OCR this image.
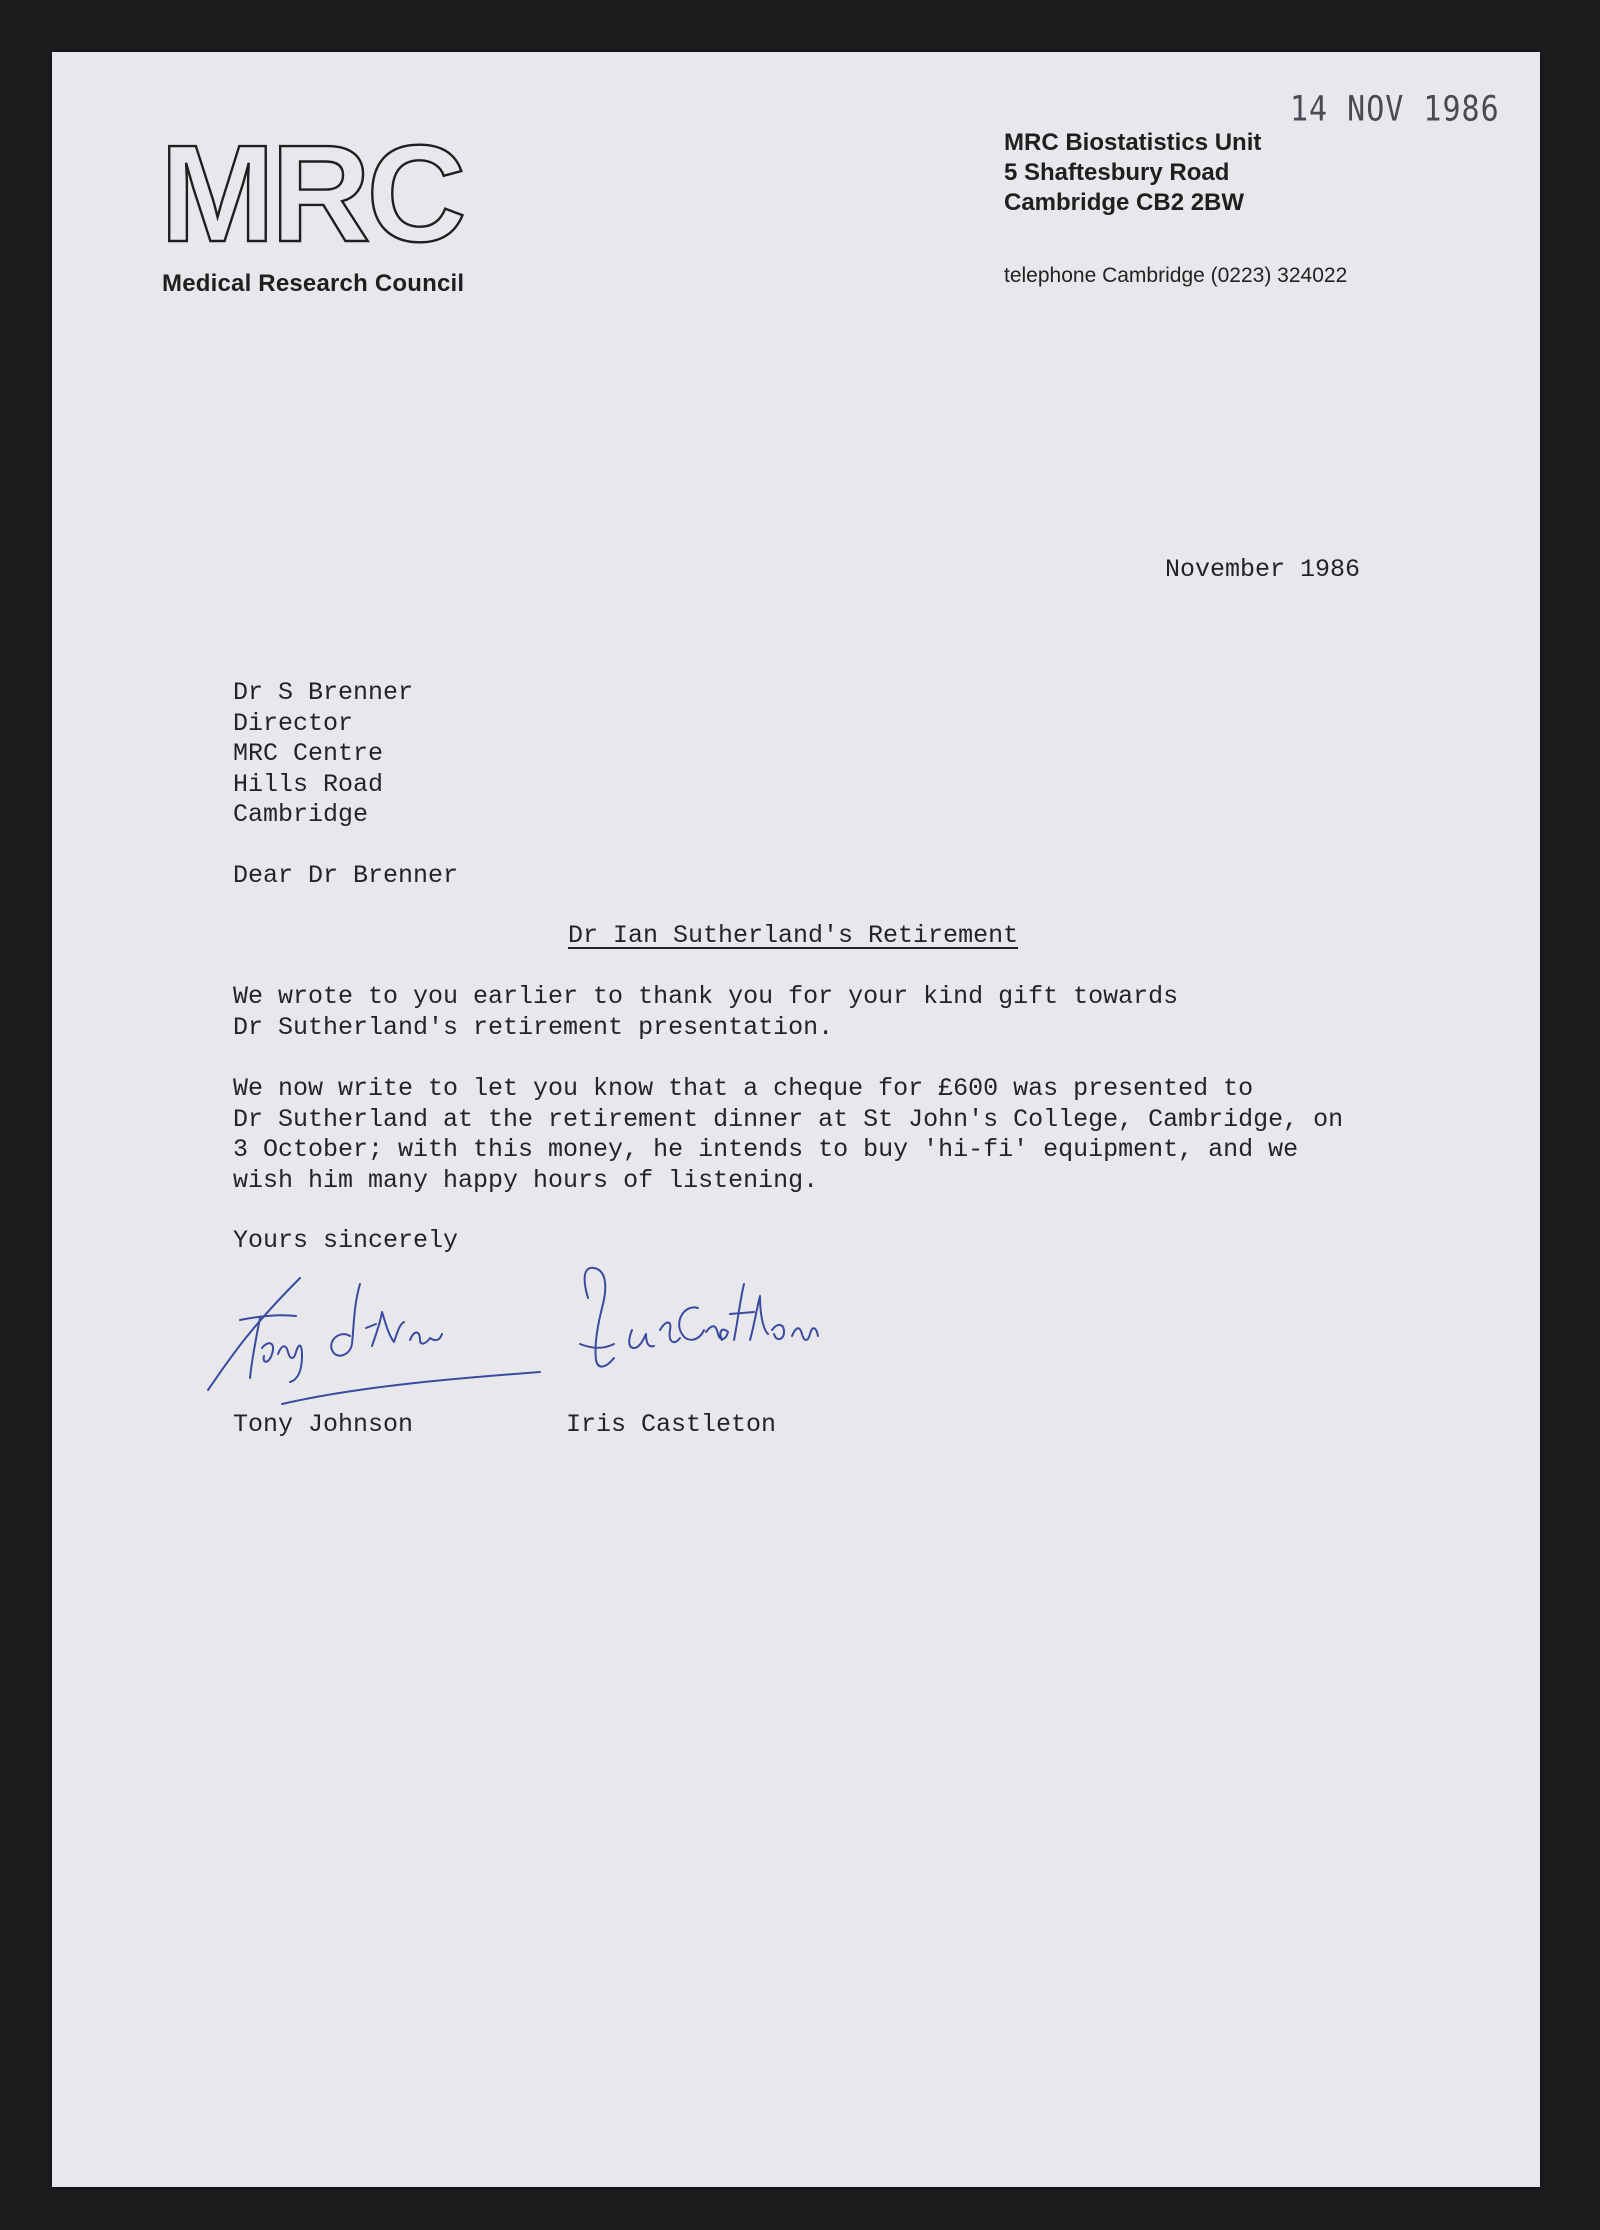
MRC
Medical Research Council
MRC Biostatistics Unit
5 Shaftesbury Road
Cambridge CB2 2BW
telephone Cambridge (0223) 324022
14 NOV 1986
November 1986
Dr S Brenner
Director
MRC Centre
Hills Road
Cambridge
Dear Dr Brenner
Dr Ian Sutherland's Retirement
We wrote to you earlier to thank you for your kind gift towards
Dr Sutherland's retirement presentation.
We now write to let you know that a cheque for £600 was presented to
Dr Sutherland at the retirement dinner at St John's College, Cambridge, on
3 October; with this money, he intends to buy 'hi-fi' equipment, and we
wish him many happy hours of listening.
Yours sincerely
Tony Johnson	Iris Castleton
